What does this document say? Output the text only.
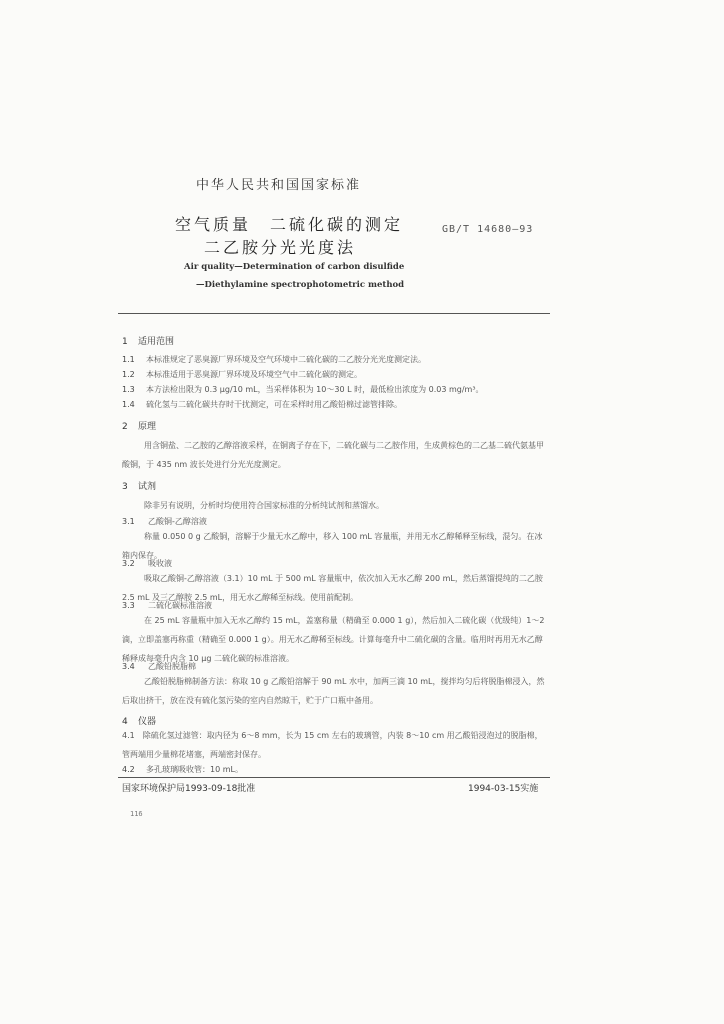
中华人民共和国国家标准
空气质量　二硫化碳的测定
二乙胺分光光度法
GB/T 14680—93
Air quality—Determination of carbon disulfide
—Diethylamine spectrophotometric method
1 适用范围
1.1 本标准规定了恶臭源厂界环境及空气环境中二硫化碳的二乙胺分光光度测定法。
1.2 本标准适用于恶臭源厂界环境及环境空气中二硫化碳的测定。
1.3 本方法检出限为 0.3 μg/10 mL，当采样体积为 10～30 L 时，最低检出浓度为 0.03 mg/m³。
1.4 硫化氢与二硫化碳共存时干扰测定，可在采样时用乙酸铅棉过滤管排除。
2 原理
用含铜盐、二乙胺的乙醇溶液采样，在铜离子存在下，二硫化碳与二乙胺作用，生成黄棕色的二乙基二硫代氨基甲酸铜，于 435 nm 波长处进行分光光度测定。
3 试剂
除非另有说明，分析时均使用符合国家标准的分析纯试剂和蒸馏水。
3.1 乙酸铜-乙醇溶液
称量 0.050 0 g 乙酸铜，溶解于少量无水乙醇中，移入 100 mL 容量瓶，并用无水乙醇稀释至标线，混匀。在冰箱内保存。
3.2 吸收液
吸取乙酸铜-乙醇溶液（3.1）10 mL 于 500 mL 容量瓶中，依次加入无水乙醇 200 mL，然后蒸馏提纯的二乙胺 2.5 mL 及三乙醇胺 2.5 mL，用无水乙醇稀至标线。使用前配制。
3.3 二硫化碳标准溶液
在 25 mL 容量瓶中加入无水乙醇约 15 mL，盖塞称量（精确至 0.000 1 g），然后加入二硫化碳（优级纯）1～2 滴，立即盖塞再称重（精确至 0.000 1 g）。用无水乙醇稀至标线。计算每毫升中二硫化碳的含量。临用时再用无水乙醇稀释成每毫升内含 10 μg 二硫化碳的标准溶液。
3.4 乙酸铅脱脂棉
乙酸铅脱脂棉制备方法：称取 10 g 乙酸铅溶解于 90 mL 水中，加两三滴 10 mL，搅拌均匀后将脱脂棉浸入，然后取出挤干，放在没有硫化氢污染的室内自然晾干，贮于广口瓶中备用。
4 仪器
4.1　 除硫化氢过滤管：取内径为 6～8 mm，长为 15 cm 左右的玻璃管，内装 8～10 cm 用乙酸铅浸泡过的脱脂棉，管两端用少量棉花堵塞，两端密封保存。
4.2 多孔玻璃吸收管：10 mL。
国家环境保护局1993-09-18批准	1994-03-15实施
116
